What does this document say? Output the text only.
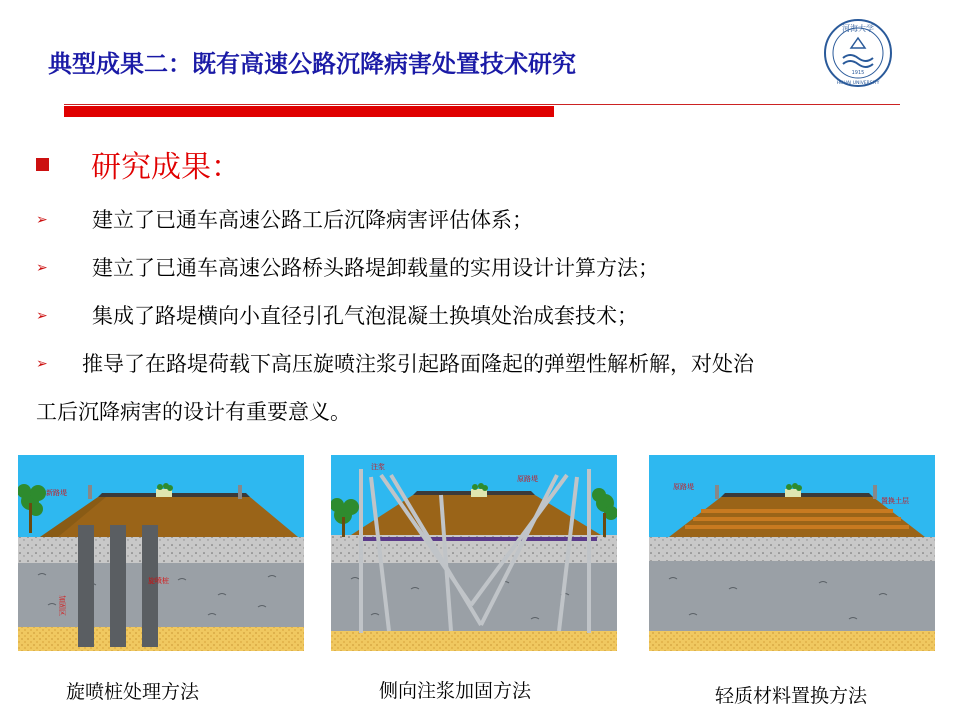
典型成果二：既有高速公路沉降病害处置技术研究
河海大学
HOHAI UNIVERSITY
1915
研究成果：
➢ 建立了已通车高速公路工后沉降病害评估体系；
➢ 建立了已通车高速公路桥头路堤卸载量的实用设计计算方法；
➢ 集成了路堤横向小直径引孔气泡混凝土换填处治成套技术；
➢ 推导了在路堤荷载下高压旋喷注浆引起路面隆起的弹塑性解析解，对处治
工后沉降病害的设计有重要意义。
新路堤
旋喷桩
加固区
旋喷桩处理方法
注浆
原路堤
侧向注浆加固方法
原路堤
置换土层
轻质材料置换方法
